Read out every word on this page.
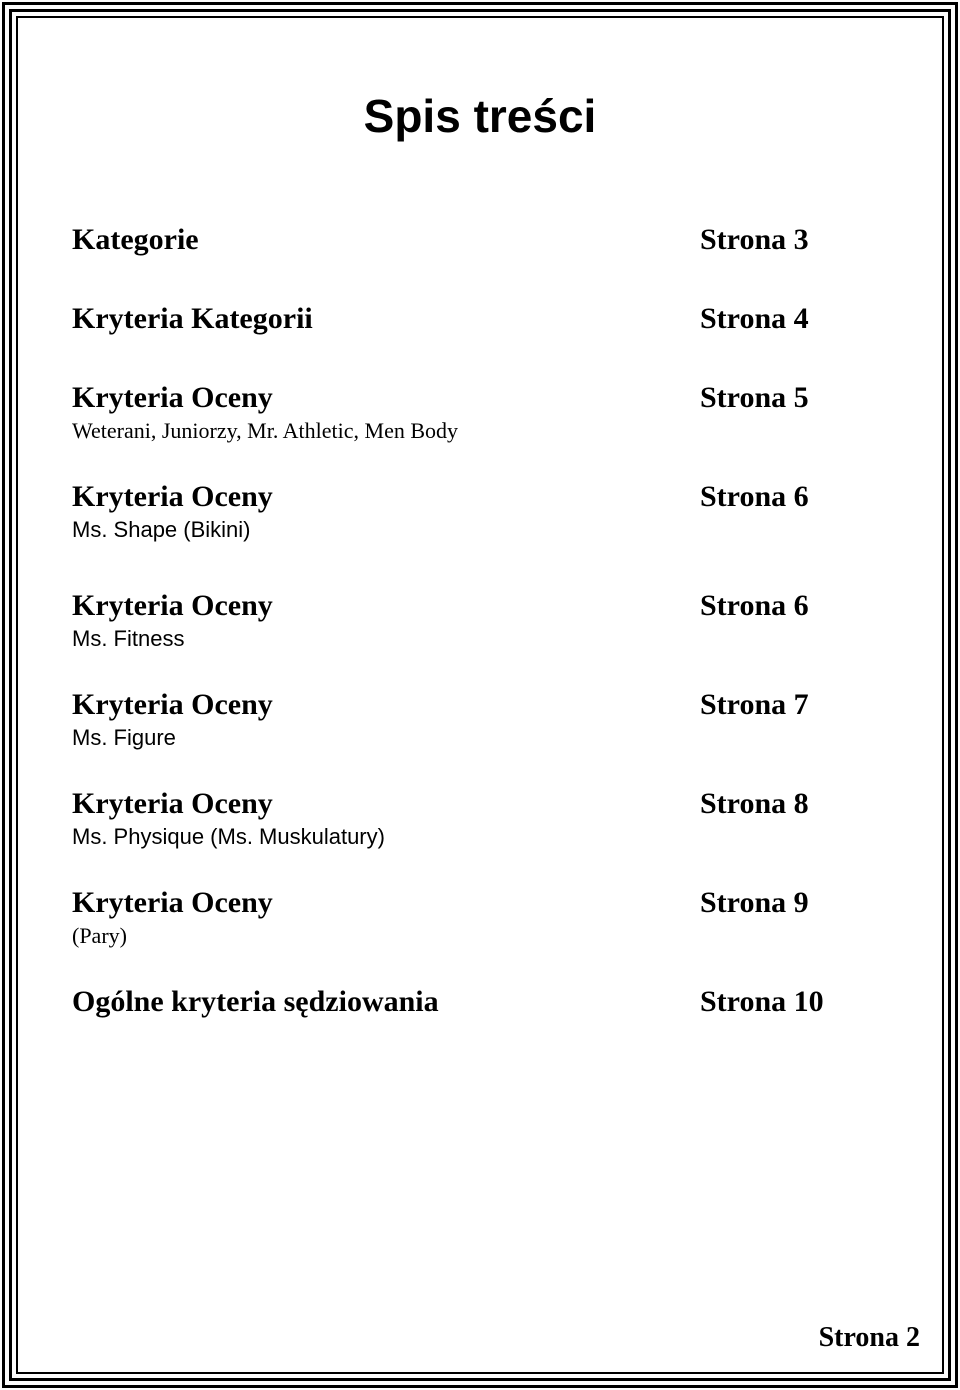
Spis treści
Kategorie	Strona 3
Kryteria Kategorii	Strona 4
Kryteria Oceny	Strona 5
Weterani, Juniorzy, Mr. Athletic, Men Body
Kryteria Oceny	Strona 6
Ms. Shape (Bikini)
Kryteria Oceny	Strona 6
Ms. Fitness
Kryteria Oceny	Strona 7
Ms. Figure
Kryteria Oceny	Strona 8
Ms. Physique (Ms. Muskulatury)
Kryteria Oceny	Strona 9
(Pary)
Ogólne kryteria sędziowania	Strona 10
Strona 2
